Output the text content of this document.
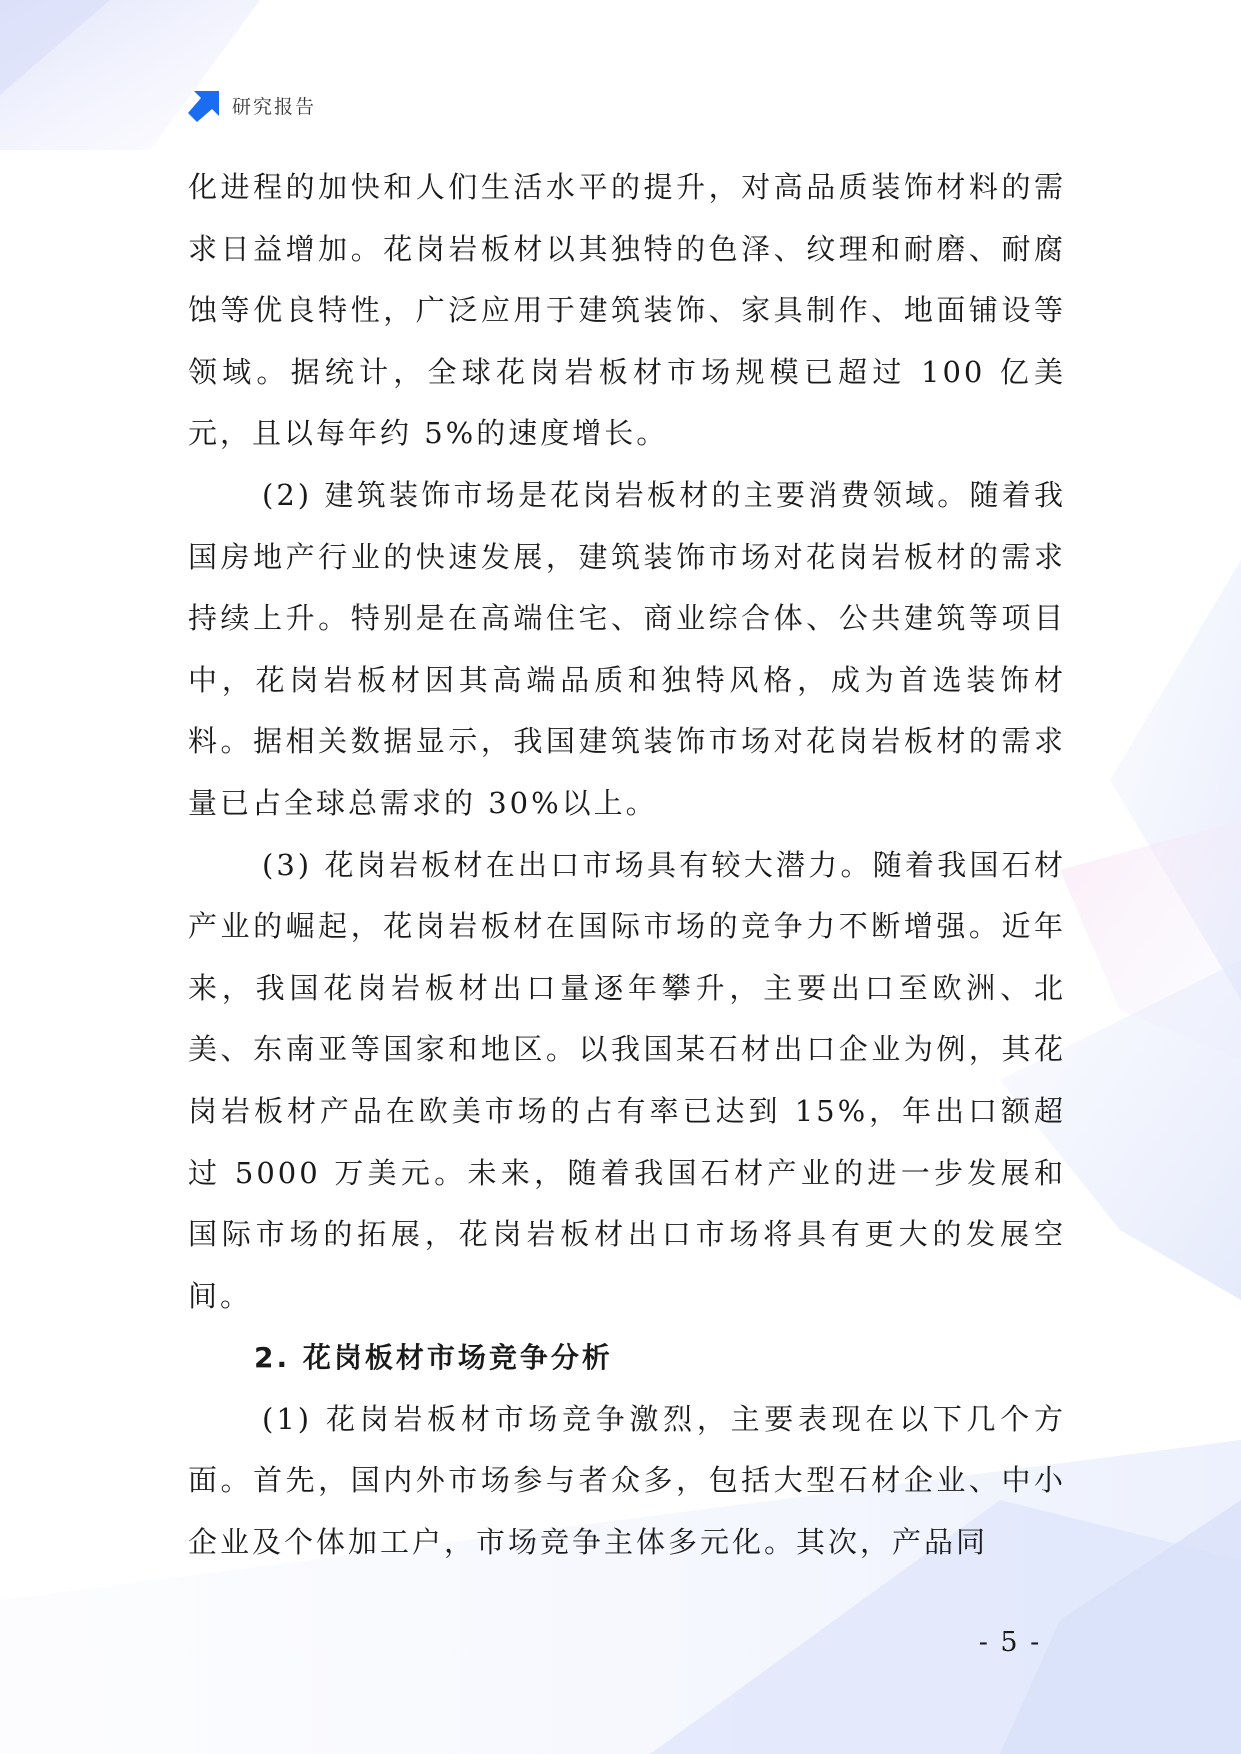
研究报告

化进程的加快和人们生活水平的提升，对高品质装饰材料的需求日益增加。花岗岩板材以其独特的色泽、纹理和耐磨、耐腐蚀等优良特性，广泛应用于建筑装饰、家具制作、地面铺设等领域。据统计，全球花岗岩板材市场规模已超过 100 亿美元，且以每年约 5%的速度增长。

(2) 建筑装饰市场是花岗岩板材的主要消费领域。随着我国房地产行业的快速发展，建筑装饰市场对花岗岩板材的需求持续上升。特别是在高端住宅、商业综合体、公共建筑等项目中，花岗岩板材因其高端品质和独特风格，成为首选装饰材料。据相关数据显示，我国建筑装饰市场对花岗岩板材的需求量已占全球总需求的 30%以上。

(3) 花岗岩板材在出口市场具有较大潜力。随着我国石材产业的崛起，花岗岩板材在国际市场的竞争力不断增强。近年来，我国花岗岩板材出口量逐年攀升，主要出口至欧洲、北美、东南亚等国家和地区。以我国某石材出口企业为例，其花岗岩板材产品在欧美市场的占有率已达到 15%，年出口额超过 5000 万美元。未来，随着我国石材产业的进一步发展和国际市场的拓展，花岗岩板材出口市场将具有更大的发展空间。

2. 花岗板材市场竞争分析

(1) 花岗岩板材市场竞争激烈，主要表现在以下几个方面。首先，国内外市场参与者众多，包括大型石材企业、中小企业及个体加工户，市场竞争主体多元化。其次，产品同

- 5 -
